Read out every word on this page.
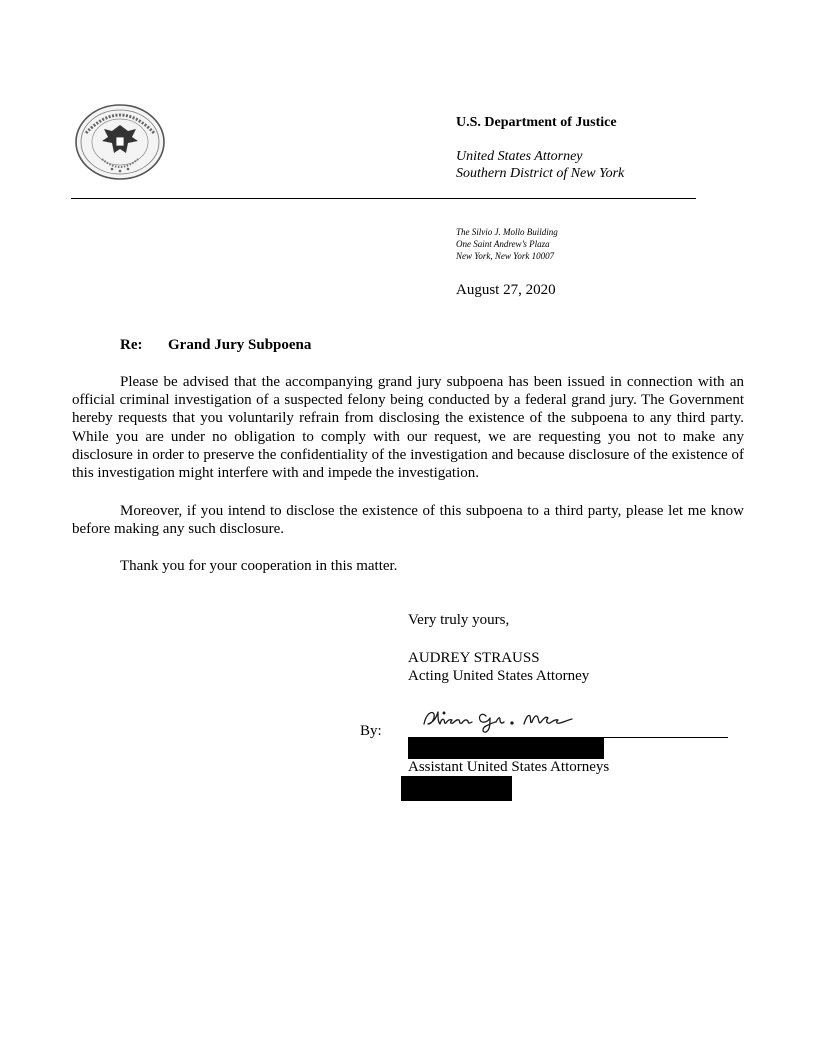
U.S. Department of Justice
United States Attorney
Southern District of New York
The Silvio J. Mollo Building
One Saint Andrew’s Plaza
New York, New York 10007
August 27, 2020
Re: Grand Jury Subpoena

Please be advised that the accompanying grand jury subpoena has been issued in connection with an official criminal investigation of a suspected felony being conducted by a federal grand jury. The Government hereby requests that you voluntarily refrain from disclosing the existence of the subpoena to any third party. While you are under no obligation to comply with our request, we are requesting you not to make any disclosure in order to preserve the confidentiality of the investigation and because disclosure of the existence of this investigation might interfere with and impede the investigation.

Moreover, if you intend to disclose the existence of this subpoena to a third party, please let me know before making any such disclosure.

Thank you for your cooperation in this matter.

Very truly yours,
AUDREY STRAUSS
Acting United States Attorney
By:
Assistant United States Attorneys
